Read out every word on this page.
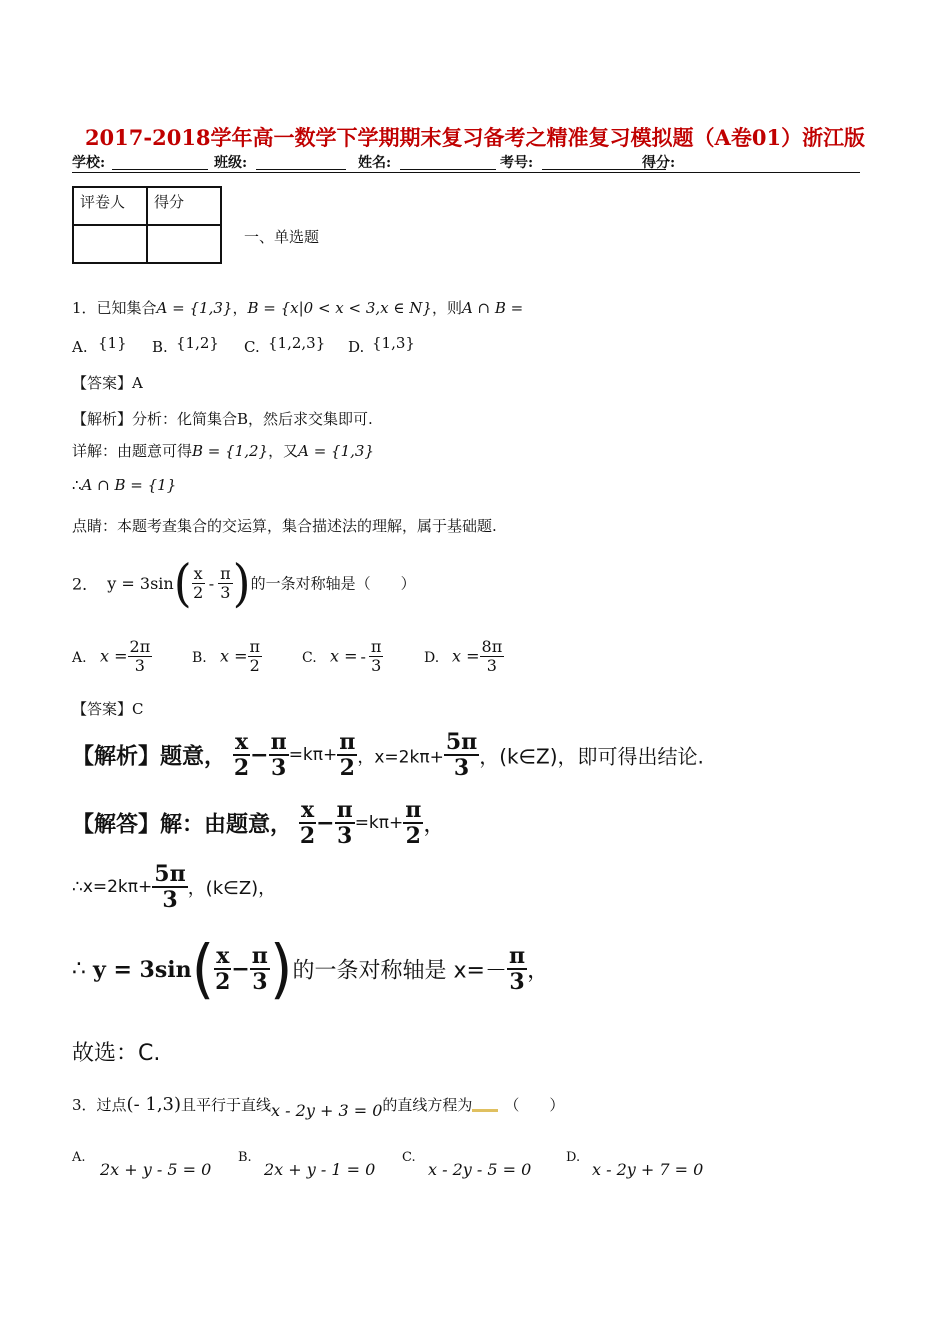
2017-2018学年高一数学下学期期末复习备考之精准复习模拟题（A卷01）浙江版
学校:	班级:	姓名:	考号:	得分:
评卷人	得分

一、单选题
1．已知集合A = {1,3}，B = {x|0 < x < 3,x ∈ N}，则A ∩ B =
A. {1} B. {1,2} C. {1,2,3} D. {1,3}
【答案】A
【解析】分析：化简集合B，然后求交集即可.
详解：由题意可得B = {1,2}，又A = {1,3}
∴A ∩ B = {1}
点睛：本题考查集合的交运算，集合描述法的理解，属于基础题.
2． $y = 3\sin( \frac{x}{2} - \frac{\pi}{3}$ )的一条对称轴是（　　）
A. $x = \frac{2\pi}{3}$	B. $x = \frac{\pi}{2}$	C. x = - $\frac{\pi}{3}$	D. $x = \frac{8\pi}{3}$
【答案】C
【解析】题意， $\frac{x}{2} - \frac{\pi}{3} =k\pi+ \frac{\pi}{2}$ ，$x=2k\pi+ \frac{5\pi}{3}$ ，(k∈Z)，即可得出结论.
【解答】解：由题意， $\frac{x}{2} - \frac{\pi}{3} =k\pi+ \frac{\pi}{2}$ ，
∴x=2kπ+ $\frac{5\pi}{3}$ ，(k∈Z)，
∴ $y = 3\sin( \frac{x}{2} - \frac{\pi}{3}$ )的一条对称轴是 $x=- \frac{\pi}{3}$ ，
故选：C.
3．过点(- 1,3)且平行于直线x - 2y + 3 = 0的直线方程为 （　　）
A.
2x + y - 5 = 0
B.
2x + y - 1 = 0
C.
x - 2y - 5 = 0
D.
x - 2y + 7 = 0
